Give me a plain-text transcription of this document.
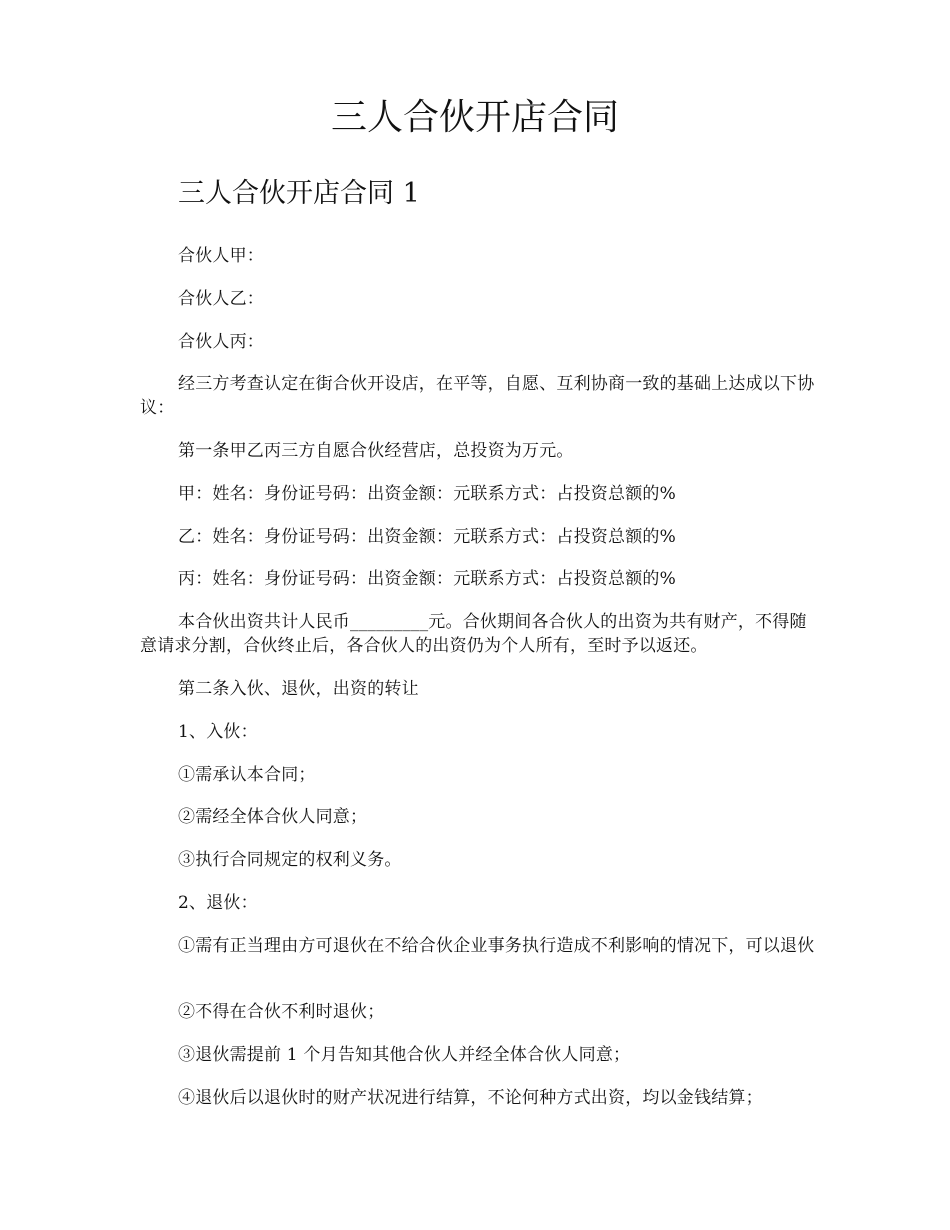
三人合伙开店合同
三人合伙开店合同 1

合伙人甲：

合伙人乙：

合伙人丙：

经三方考查认定在街合伙开设店，在平等，自愿、互利协商一致的基础上达成以下协议：

第一条甲乙丙三方自愿合伙经营店，总投资为万元。

甲：姓名：身份证号码：出资金额：元联系方式：占投资总额的%

乙：姓名：身份证号码：出资金额：元联系方式：占投资总额的%

丙：姓名：身份证号码：出资金额：元联系方式：占投资总额的%

本合伙出资共计人民币_________元。合伙期间各合伙人的出资为共有财产，不得随意请求分割，合伙终止后，各合伙人的出资仍为个人所有，至时予以返还。

第二条入伙、退伙，出资的转让

1、入伙：

①需承认本合同；

②需经全体合伙人同意；

③执行合同规定的权利义务。

2、退伙：

①需有正当理由方可退伙在不给合伙企业事务执行造成不利影响的情况下，可以退伙

②不得在合伙不利时退伙；

③退伙需提前 1 个月告知其他合伙人并经全体合伙人同意；

④退伙后以退伙时的财产状况进行结算，不论何种方式出资，均以金钱结算；
